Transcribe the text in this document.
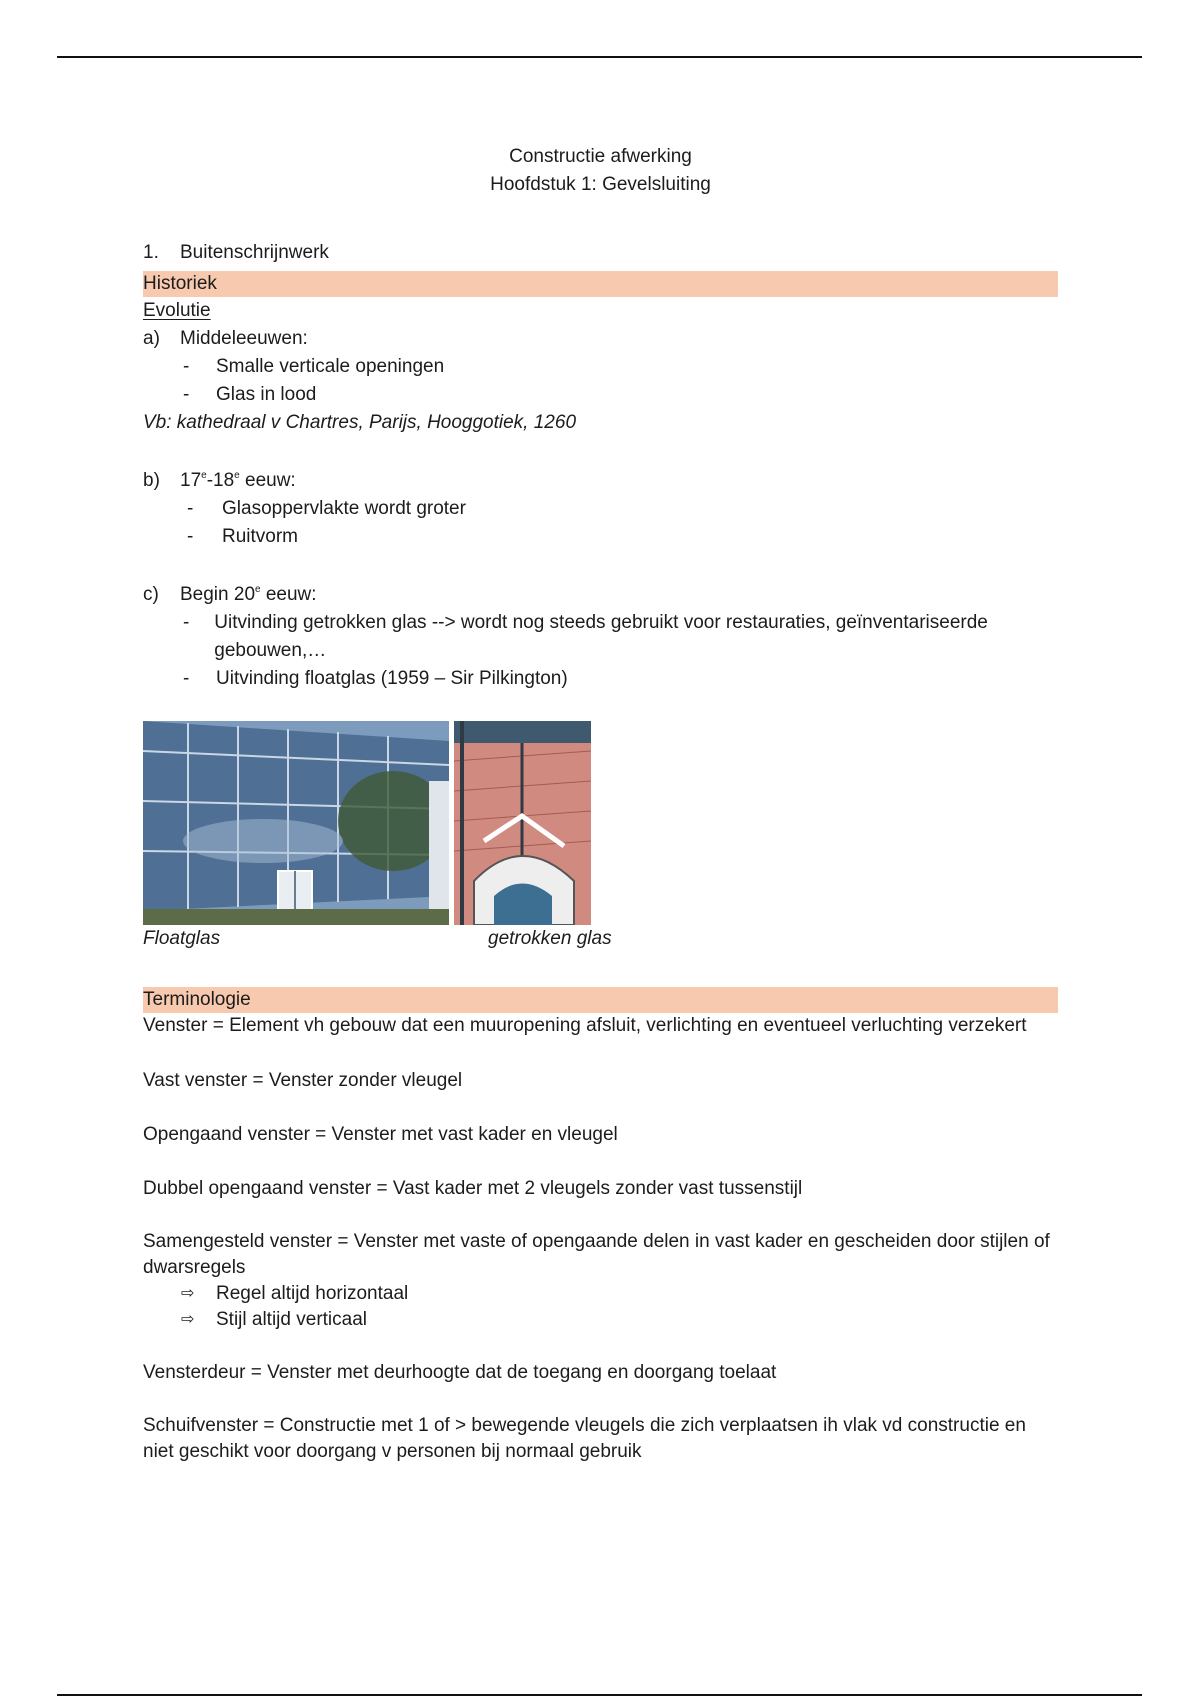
Constructie afwerking
Hoofdstuk 1: Gevelsluiting
1.	Buitenschrijnwerk
Historiek
Evolutie
a)	Middeleeuwen:
-	Smalle verticale openingen
-	Glas in lood
Vb: kathedraal v Chartres, Parijs, Hooggotiek, 1260
b)	17e-18e eeuw:
-	Glasoppervlakte wordt groter
-	Ruitvorm
c)	Begin 20e eeuw:
-	Uitvinding getrokken glas --> wordt nog steeds gebruikt voor restauraties, geïnventariseerde gebouwen,…
-	Uitvinding floatglas (1959 – Sir Pilkington)
Floatglas	getrokken glas
Terminologie
Venster = Element vh gebouw dat een muuropening afsluit, verlichting en eventueel verluchting verzekert
Vast venster = Venster zonder vleugel
Opengaand venster = Venster met vast kader en vleugel
Dubbel opengaand venster = Vast kader met 2 vleugels zonder vast tussenstijl
Samengesteld venster = Venster met vaste of opengaande delen in vast kader en gescheiden door stijlen of dwarsregels
⇨	Regel altijd horizontaal
⇨	Stijl altijd verticaal
Vensterdeur = Venster met deurhoogte dat de toegang en doorgang toelaat
Schuifvenster = Constructie met 1 of > bewegende vleugels die zich verplaatsen ih vlak vd constructie en niet geschikt voor doorgang v personen bij normaal gebruik
